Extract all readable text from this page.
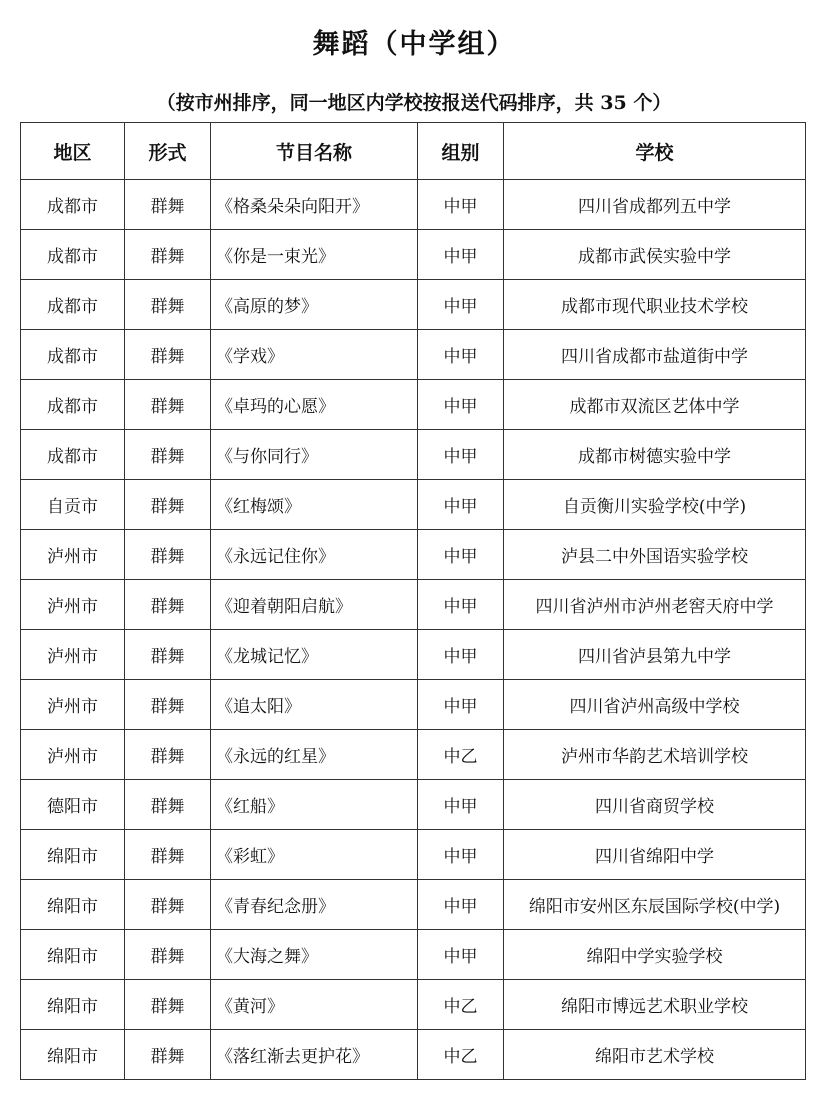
舞蹈（中学组）
（按市州排序，同一地区内学校按报送代码排序，共 35 个）
地区	形式	节目名称	组别	学校
成都市	群舞	《格桑朵朵向阳开》	中甲	四川省成都列五中学
成都市	群舞	《你是一束光》	中甲	成都市武侯实验中学
成都市	群舞	《高原的梦》	中甲	成都市现代职业技术学校
成都市	群舞	《学戏》	中甲	四川省成都市盐道街中学
成都市	群舞	《卓玛的心愿》	中甲	成都市双流区艺体中学
成都市	群舞	《与你同行》	中甲	成都市树德实验中学
自贡市	群舞	《红梅颂》	中甲	自贡衡川实验学校(中学)
泸州市	群舞	《永远记住你》	中甲	泸县二中外国语实验学校
泸州市	群舞	《迎着朝阳启航》	中甲	四川省泸州市泸州老窖天府中学
泸州市	群舞	《龙城记忆》	中甲	四川省泸县第九中学
泸州市	群舞	《追太阳》	中甲	四川省泸州高级中学校
泸州市	群舞	《永远的红星》	中乙	泸州市华韵艺术培训学校
德阳市	群舞	《红船》	中甲	四川省商贸学校
绵阳市	群舞	《彩虹》	中甲	四川省绵阳中学
绵阳市	群舞	《青春纪念册》	中甲	绵阳市安州区东辰国际学校(中学)
绵阳市	群舞	《大海之舞》	中甲	绵阳中学实验学校
绵阳市	群舞	《黄河》	中乙	绵阳市博远艺术职业学校
绵阳市	群舞	《落红渐去更护花》	中乙	绵阳市艺术学校
